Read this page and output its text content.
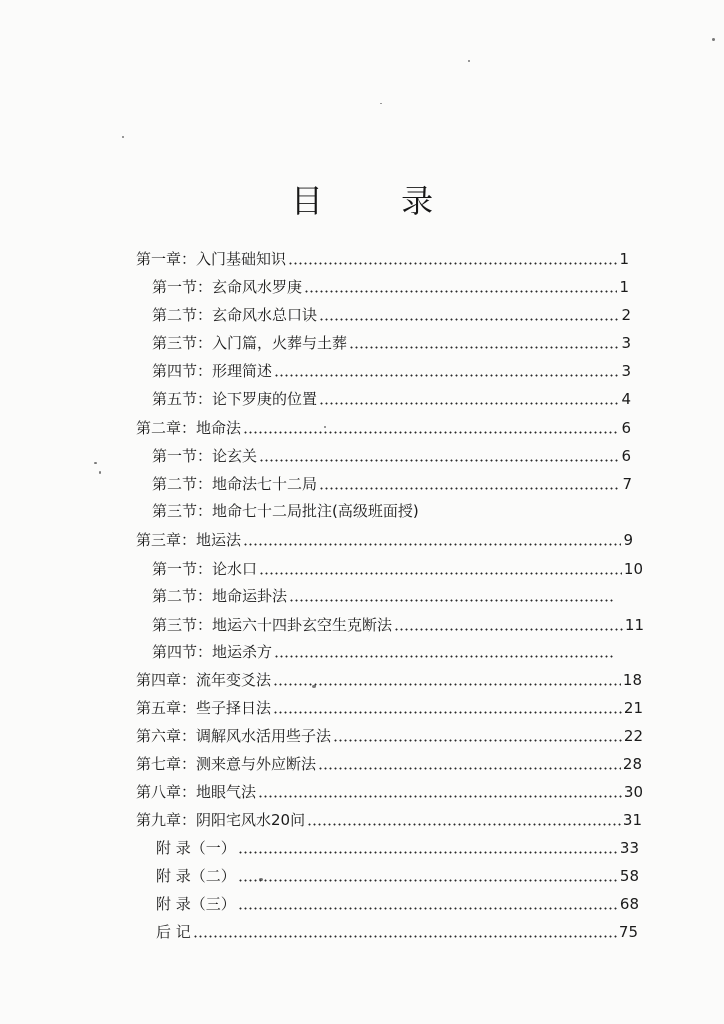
目 录
第一章：入门基础知识	1
第一节：玄命风水罗庚	1
第二节：玄命风水总口诀	2
第三节：入门篇，火葬与土葬	3
第四节：形理简述	3
第五节：论下罗庚的位置	4
第二章：地命法	6
第一节：论玄关	6
第二节：地命法七十二局	7
第三节：地命七十二局批注(高级班面授)
第三章：地运法	9
第一节：论水口	10
第二节：地命运卦法
第三节：地运六十四卦玄空生克断法	11
第四节：地运杀方
第四章：流年变爻法	18
第五章：些子择日法	21
第六章：调解风水活用些子法	22
第七章：测来意与外应断法	28
第八章：地眼气法	30
第九章：阴阳宅风水20问	31
附 录（一）	33
附 录（二）	58
附 录（三）	68
后 记	75
